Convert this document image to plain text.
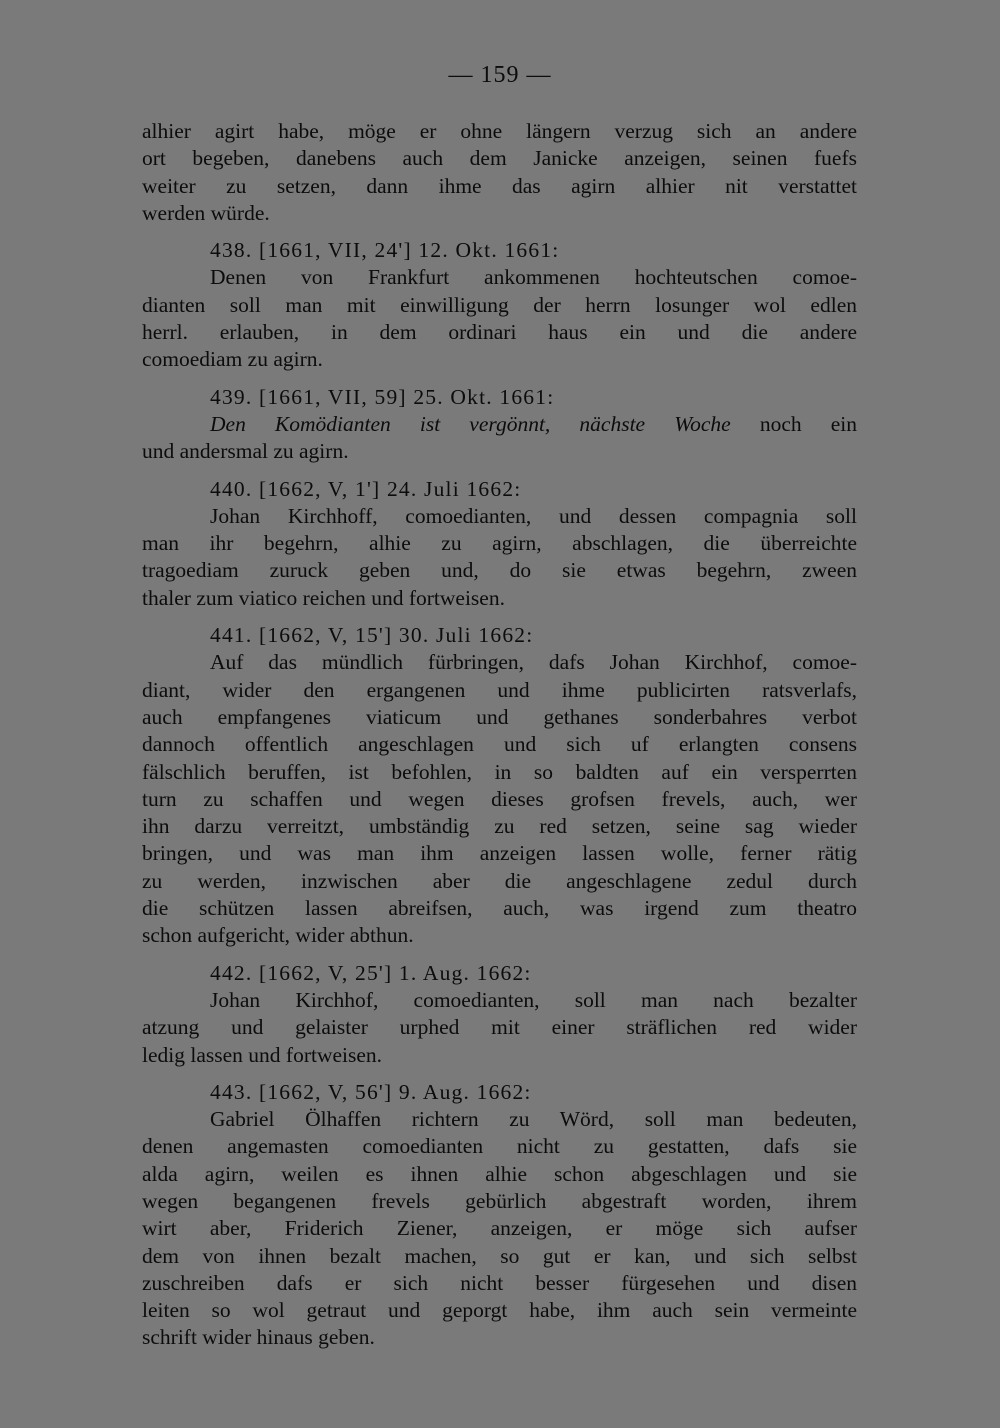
— 159 —
alhier agirt habe, möge er ohne längern verzug sich an andere
ort begeben, danebens auch dem Janicke anzeigen, seinen fuefs
weiter zu setzen, dann ihme das agirn alhier nit verstattet
werden würde.
438. [1661, VII, 24'] 12. Okt. 1661:
Denen von Frankfurt ankommenen hochteutschen comoe-
dianten soll man mit einwilligung der herrn losunger wol edlen
herrl. erlauben, in dem ordinari haus ein und die andere
comoediam zu agirn.
439. [1661, VII, 59] 25. Okt. 1661:
Den Komödianten ist vergönnt, nächste Woche noch ein
und andersmal zu agirn.
440. [1662, V, 1'] 24. Juli 1662:
Johan Kirchhoff, comoedianten, und dessen compagnia soll
man ihr begehrn, alhie zu agirn, abschlagen, die überreichte
tragoediam zuruck geben und, do sie etwas begehrn, zween
thaler zum viatico reichen und fortweisen.
441. [1662, V, 15'] 30. Juli 1662:
Auf das mündlich fürbringen, dafs Johan Kirchhof, comoe-
diant, wider den ergangenen und ihme publicirten ratsverlafs,
auch empfangenes viaticum und gethanes sonderbahres verbot
dannoch offentlich angeschlagen und sich uf erlangten consens
fälschlich beruffen, ist befohlen, in so baldten auf ein versperrten
turn zu schaffen und wegen dieses grofsen frevels, auch, wer
ihn darzu verreitzt, umbständig zu red setzen, seine sag wieder
bringen, und was man ihm anzeigen lassen wolle, ferner rätig
zu werden, inzwischen aber die angeschlagene zedul durch
die schützen lassen abreifsen, auch, was irgend zum theatro
schon aufgericht, wider abthun.
442. [1662, V, 25'] 1. Aug. 1662:
Johan Kirchhof, comoedianten, soll man nach bezalter
atzung und gelaister urphed mit einer sträflichen red wider
ledig lassen und fortweisen.
443. [1662, V, 56'] 9. Aug. 1662:
Gabriel Ölhaffen richtern zu Wörd, soll man bedeuten,
denen angemasten comoedianten nicht zu gestatten, dafs sie
alda agirn, weilen es ihnen alhie schon abgeschlagen und sie
wegen begangenen frevels gebürlich abgestraft worden, ihrem
wirt aber, Friderich Ziener, anzeigen, er möge sich aufser
dem von ihnen bezalt machen, so gut er kan, und sich selbst
zuschreiben dafs er sich nicht besser fürgesehen und disen
leiten so wol getraut und geporgt habe, ihm auch sein vermeinte
schrift wider hinaus geben.
